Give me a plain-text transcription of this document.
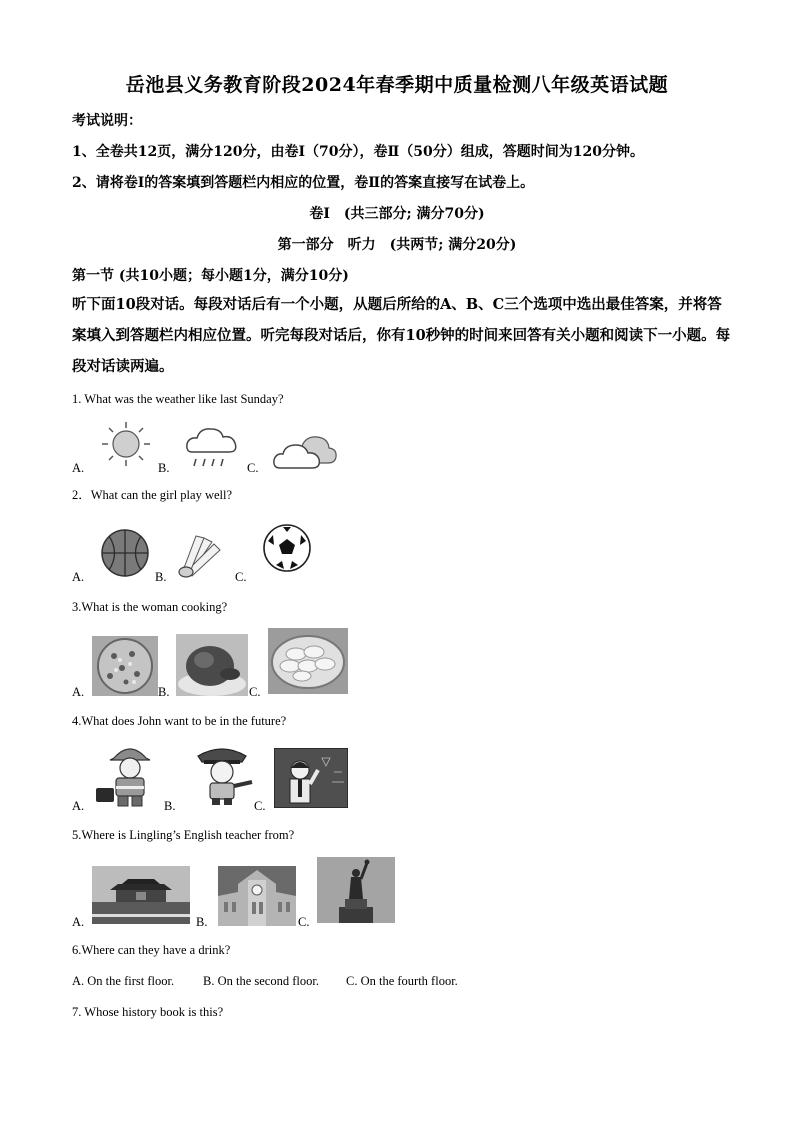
岳池县义务教育阶段2024年春季期中质量检测八年级英语试题
考试说明：
1、全卷共12页，满分120分，由卷Ⅰ（70分），卷Ⅱ（50分）组成，答题时间为120分钟。
2、请将卷Ⅰ的答案填到答题栏内相应的位置，卷Ⅱ的答案直接写在试卷上。
卷Ⅰ　(共三部分; 满分70分)
第一部分　听力　(共两节; 满分20分)
第一节 (共10小题；每小题1分，满分10分)
听下面10段对话。每段对话后有一个小题，从题后所给的A、B、C三个选项中选出最佳答案，并将答案填入到答题栏内相应位置。听完每段对话后，你有10秒钟的时间来回答有关小题和阅读下一小题。每段对话读两遍。
1. What was the weather like last Sunday?
A.	B.	C.
2．What can the girl play well?
A.	B.	C.
3.What is the woman cooking?
A.	B.	C.
4.What does John want to be in the future?
A.	B.	C.
5.Where is Lingling’s English teacher from?
A.	B.	C.
6.Where can they have a drink?
A. On the first floor. B. On the second floor. C. On the fourth floor.
7. Whose history book is this?
